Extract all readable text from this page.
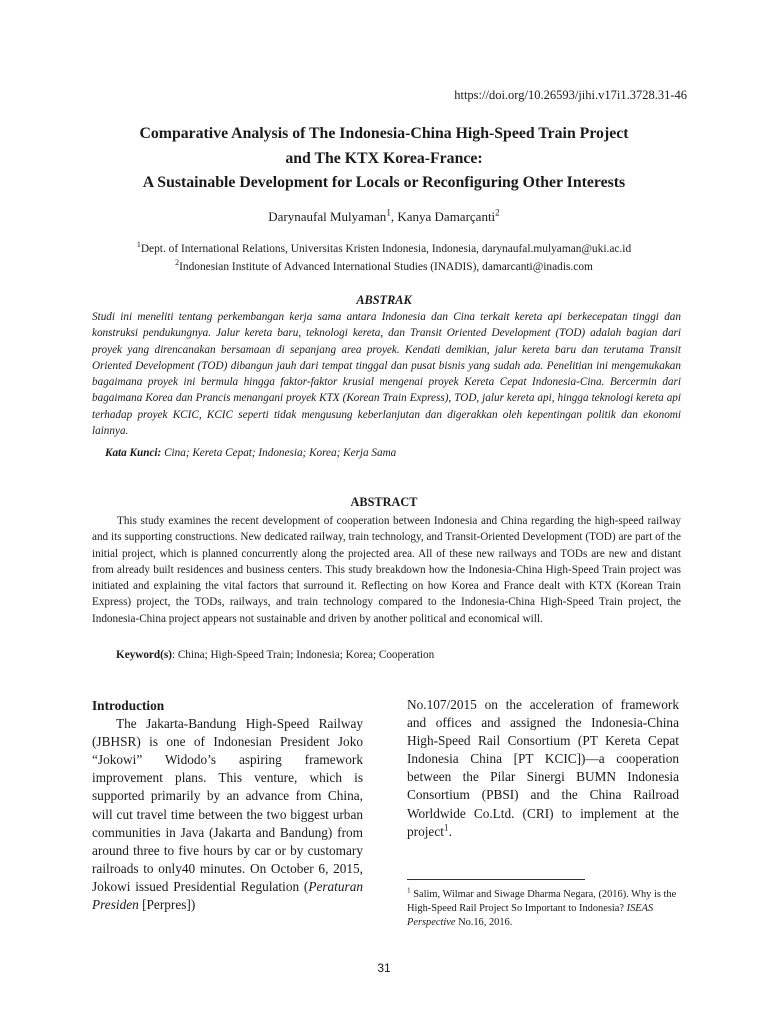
https://doi.org/10.26593/jihi.v17i1.3728.31-46
Comparative Analysis of The Indonesia-China High-Speed Train Project
and The KTX Korea-France:
A Sustainable Development for Locals or Reconfiguring Other Interests
Darynaufal Mulyaman$^1$, Kanya Damarçanti$^2$
$^1$Dept. of International Relations, Universitas Kristen Indonesia, Indonesia, darynaufal.mulyaman@uki.ac.id
$^2$Indonesian Institute of Advanced International Studies (INADIS), damarcanti@inadis.com
ABSTRAK

Studi ini meneliti tentang perkembangan kerja sama antara Indonesia dan Cina terkait kereta api berkecepatan tinggi dan konstruksi pendukungnya. Jalur kereta baru, teknologi kereta, dan Transit Oriented Development (TOD) adalah bagian dari proyek yang direncanakan bersamaan di sepanjang area proyek. Kendati demikian, jalur kereta baru dan terutama Transit Oriented Development (TOD) dibangun jauh dari tempat tinggal dan pusat bisnis yang sudah ada. Penelitian ini mengemukakan bagaimana proyek ini bermula hingga faktor-faktor krusial mengenai proyek Kereta Cepat Indonesia-Cina. Bercermin dari bagaimana Korea dan Prancis menangani proyek KTX (Korean Train Express), TOD, jalur kereta api, hingga teknologi kereta api terhadap proyek KCIC, KCIC seperti tidak mengusung keberlanjutan dan digerakkan oleh kepentingan politik dan ekonomi lainnya.

Kata Kunci: Cina; Kereta Cepat; Indonesia; Korea; Kerja Sama
ABSTRACT

This study examines the recent development of cooperation between Indonesia and China regarding the high-speed railway and its supporting constructions. New dedicated railway, train technology, and Transit-Oriented Development (TOD) are part of the initial project, which is planned concurrently along the projected area. All of these new railways and TODs are new and distant from already built residences and business centers. This study breakdown how the Indonesia-China High-Speed Train project was initiated and explaining the vital factors that surround it. Reflecting on how Korea and France dealt with KTX (Korean Train Express) project, the TODs, railways, and train technology compared to the Indonesia-China High-Speed Train project, the Indonesia-China project appears not sustainable and driven by another political and economical will.

Keyword(s): China; High-Speed Train; Indonesia; Korea; Cooperation

Introduction

The Jakarta-Bandung High-Speed Railway (JBHSR) is one of Indonesian President Joko “Jokowi” Widodo’s aspiring framework improvement plans. This venture, which is supported primarily by an advance from China, will cut travel time between the two biggest urban communities in Java (Jakarta and Bandung) from around three to five hours by car or by customary railroads to only40 minutes. On October 6, 2015, Jokowi issued Presidential Regulation (Peraturan Presiden [Perpres])

No.107/2015 on the acceleration of framework and offices and assigned the Indonesia-China High-Speed Rail Consortium (PT Kereta Cepat Indonesia China [PT KCIC])—a cooperation between the Pilar Sinergi BUMN Indonesia Consortium (PBSI) and the China Railroad Worldwide Co.Ltd. (CRI) to implement at the project$^1$.

$^1$ Salim, Wilmar and Siwage Dharma Negara, (2016). Why is the High-Speed Rail Project So Important to Indonesia? ISEAS Perspective No.16, 2016.
31
